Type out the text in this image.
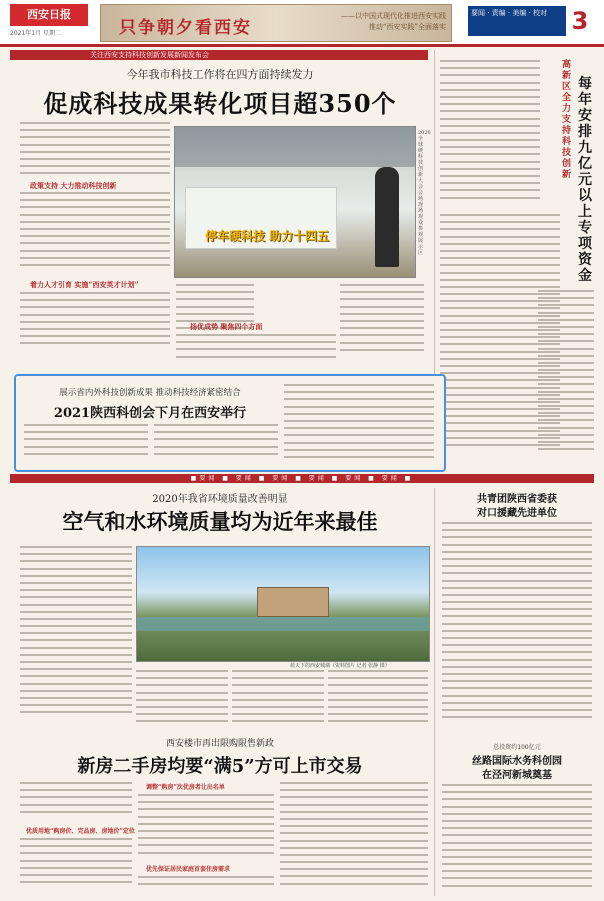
西安日报
2021年1月 星期二	只争朝夕看西安
——以中国式现代化推进西安实践
推动“西安实践”全面落实
要闻 · 责编 · 美编 · 校对	3
关注西安支持科技创新发展新闻发布会
今年我市科技工作将在四方面持续发力
促成科技成果转化项目超350个
政策支持 大力推动科技创新
着力人才引育 实施“西安英才计划”
停车硬科技 助力十四五
2020全球硬科技创新大会会场现场观众参观展示区
扬优成势 聚焦四个方面
高新区全力支持科技创新
每年安排九亿元以上专项资金
展示省内外科技创新成果 推动科技经济紧密结合
2021陕西科创会下月在西安举行
■要闻 ■ 要闻 ■ 要闻 ■ 要闻 ■ 要闻 ■ 要闻 ■
2020年我省环境质量改善明显
空气和水环境质量均为近年来最佳
蓝天下的西安城墙（资料图片 记者 张静 摄）
共青团陕西省委获
对口援藏先进单位
总投资约100亿元
丝路国际水务科创园
在泾河新城奠基
西安楼市再出限购限售新政
新房二手房均要“满5”方可上市交易
优质用地“购房价、完品房、房地价”定位
调整“购房”次优房者让出名单
优先保证居民家庭首套住房需求
